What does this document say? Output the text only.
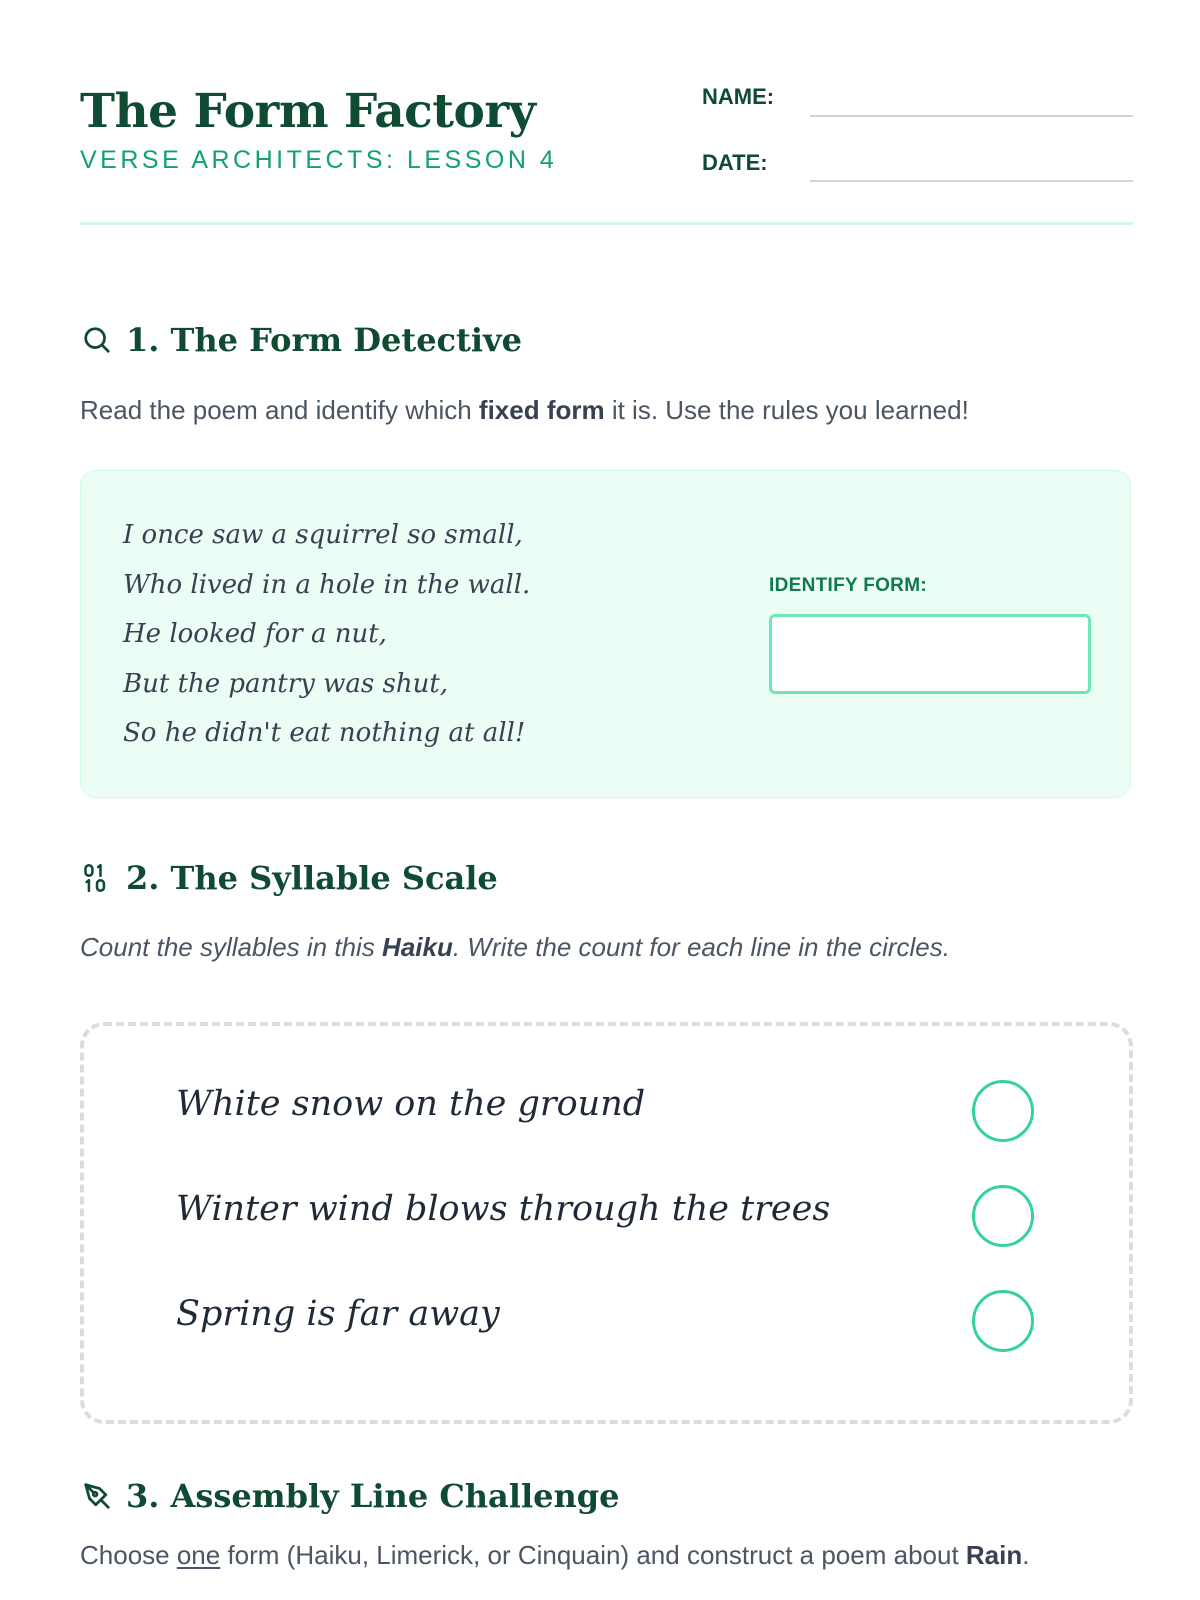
The Form Factory
VERSE ARCHITECTS: LESSON 4
NAME:
DATE:
1. The Form Detective
Read the poem and identify which fixed form it is. Use the rules you learned!
I once saw a squirrel so small,
Who lived in a hole in the wall.
He looked for a nut,
But the pantry was shut,
So he didn't eat nothing at all!
IDENTIFY FORM:
2. The Syllable Scale
Count the syllables in this Haiku. Write the count for each line in the circles.
White snow on the ground
Winter wind blows through the trees
Spring is far away
3. Assembly Line Challenge
Choose one form (Haiku, Limerick, or Cinquain) and construct a poem about Rain.
